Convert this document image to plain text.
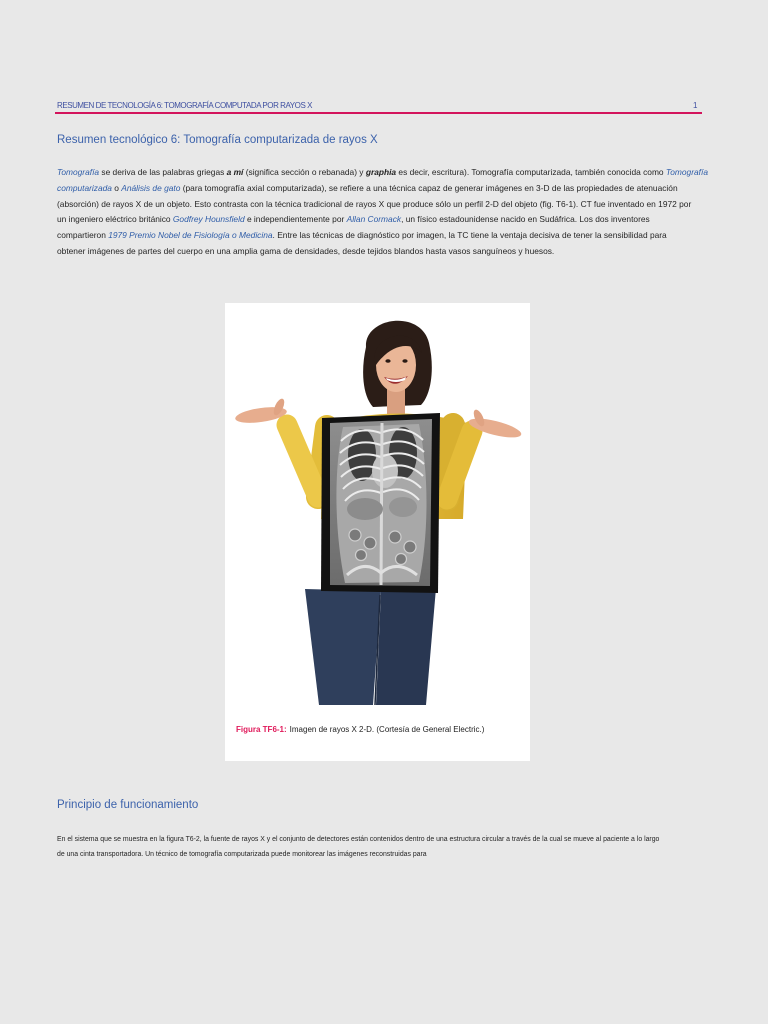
RESUMEN DE TECNOLOGÍA 6: TOMOGRAFÍA COMPUTADA POR RAYOS X	1
Resumen tecnológico 6: Tomografía computarizada de rayos X
Tomografía se deriva de las palabras griegas a mí (significa sección o rebanada) y graphia es decir, escritura). Tomografía computarizada, también conocida como Tomografía
computarizada o Análisis de gato (para tomografía axial computarizada), se refiere a una técnica capaz de generar imágenes en 3-D de las propiedades de atenuación
(absorción) de rayos X de un objeto. Esto contrasta con la técnica tradicional de rayos X que produce sólo un perfil 2-D del objeto (fig. T6-1). CT fue inventado en 1972 por
un ingeniero eléctrico británico Godfrey Hounsfield e independientemente por Allan Cormack, un físico estadounidense nacido en Sudáfrica. Los dos inventores
compartieron 1979 Premio Nobel de Fisiología o Medicina. Entre las técnicas de diagnóstico por imagen, la TC tiene la ventaja decisiva de tener la sensibilidad para
obtener imágenes de partes del cuerpo en una amplia gama de densidades, desde tejidos blandos hasta vasos sanguíneos y huesos.
Figura TF6-1: Imagen de rayos X 2-D. (Cortesía de General Electric.)
Principio de funcionamiento
En el sistema que se muestra en la figura T6-2, la fuente de rayos X y el conjunto de detectores están contenidos dentro de una estructura circular a través de la cual se mueve al paciente a lo largo
de una cinta transportadora. Un técnico de tomografía computarizada puede monitorear las imágenes reconstruidas para
